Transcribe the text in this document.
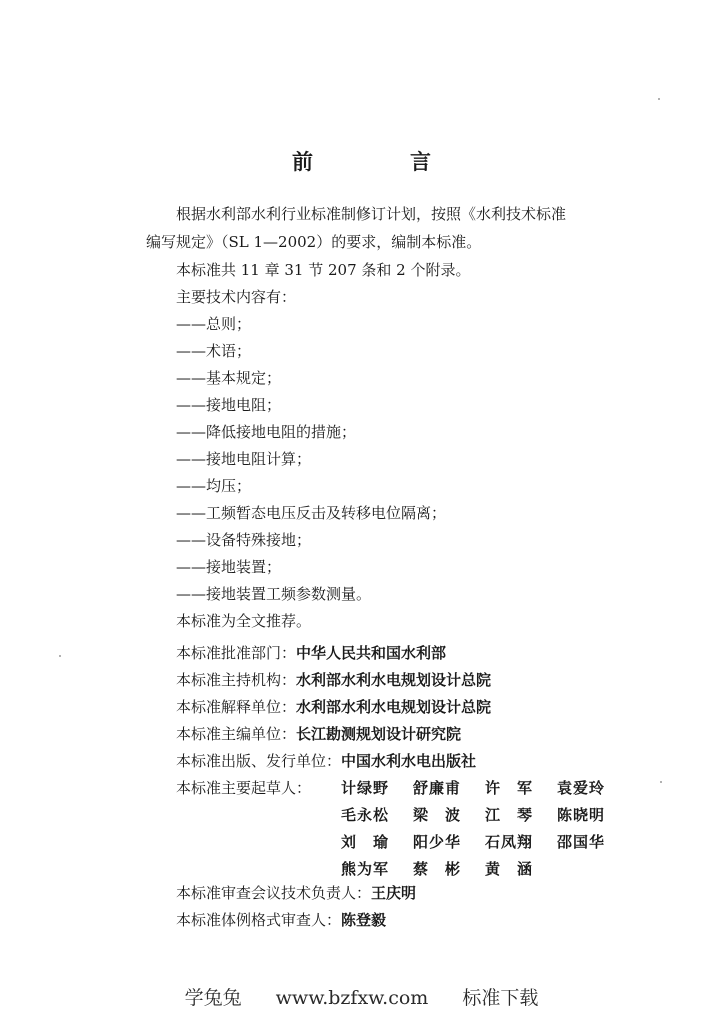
前　言
根据水利部水利行业标准制修订计划，按照《水利技术标准
编写规定》（SL 1—2002）的要求，编制本标准。
本标准共 11 章 31 节 207 条和 2 个附录。
主要技术内容有：
——总则；
——术语；
——基本规定；
——接地电阻；
——降低接地电阻的措施；
——接地电阻计算；
——均压；
——工频暂态电压反击及转移电位隔离；
——设备特殊接地；
——接地装置；
——接地装置工频参数测量。
本标准为全文推荐。
本标准批准部门：中华人民共和国水利部
本标准主持机构：水利部水利水电规划设计总院
本标准解释单位：水利部水利水电规划设计总院
本标准主编单位：长江勘测规划设计研究院
本标准出版、发行单位：中国水利水电出版社
本标准主要起草人： 计绿野 舒廉甫 许　军 袁爱玲
毛永松 梁　波 江　琴 陈晓明
刘　瑜 阳少华 石凤翔 邵国华
熊为军 蔡　彬 黄　涵
本标准审查会议技术负责人：王庆明
本标准体例格式审查人：陈登毅
学兔兔 www.bzfxw.com 标准下载
